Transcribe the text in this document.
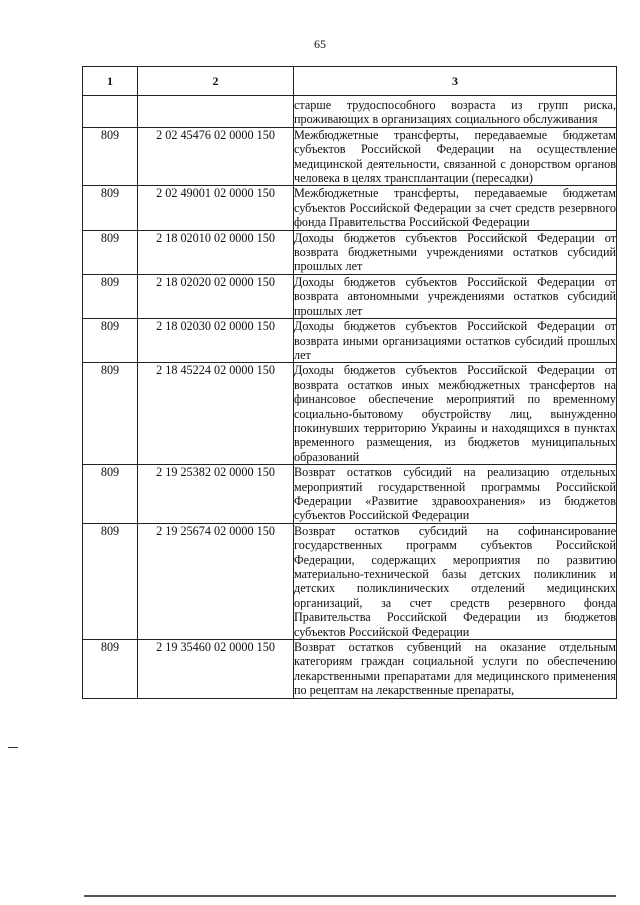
65
1	2	3
		старше трудоспособного возраста из групп риска, проживающих в организациях социального обслуживания
809	2 02 45476 02 0000 150	Межбюджетные трансферты, передаваемые бюджетам субъектов Российской Федерации на осуществление медицинской деятельности, связанной с донорством органов человека в целях трансплантации (пересадки)
809	2 02 49001 02 0000 150	Межбюджетные трансферты, передаваемые бюджетам субъектов Российской Федерации за счет средств резервного фонда Правительства Российской Федерации
809	2 18 02010 02 0000 150	Доходы бюджетов субъектов Российской Федерации от возврата бюджетными учреждениями остатков субсидий прошлых лет
809	2 18 02020 02 0000 150	Доходы бюджетов субъектов Российской Федерации от возврата автономными учреждениями остатков субсидий прошлых лет
809	2 18 02030 02 0000 150	Доходы бюджетов субъектов Российской Федерации от возврата иными организациями остатков субсидий прошлых лет
809	2 18 45224 02 0000 150	Доходы бюджетов субъектов Российской Федерации от возврата остатков иных межбюджетных трансфертов на финансовое обеспечение мероприятий по временному социально-бытовому обустройству лиц, вынужденно покинувших территорию Украины и находящихся в пунктах временного размещения, из бюджетов муниципальных образований
809	2 19 25382 02 0000 150	Возврат остатков субсидий на реализацию отдельных мероприятий государственной программы Российской Федерации «Развитие здравоохранения» из бюджетов субъектов Российской Федерации
809	2 19 25674 02 0000 150	Возврат остатков субсидий на софинансирование государственных программ субъектов Российской Федерации, содержащих мероприятия по развитию материально-технической базы детских поликлиник и детских поликлинических отделений медицинских организаций, за счет средств резервного фонда Правительства Российской Федерации из бюджетов субъектов Российской Федерации
809	2 19 35460 02 0000 150	Возврат остатков субвенций на оказание отдельным категориям граждан социальной услуги по обеспечению лекарственными препаратами для медицинского применения по рецептам на лекарственные препараты,
